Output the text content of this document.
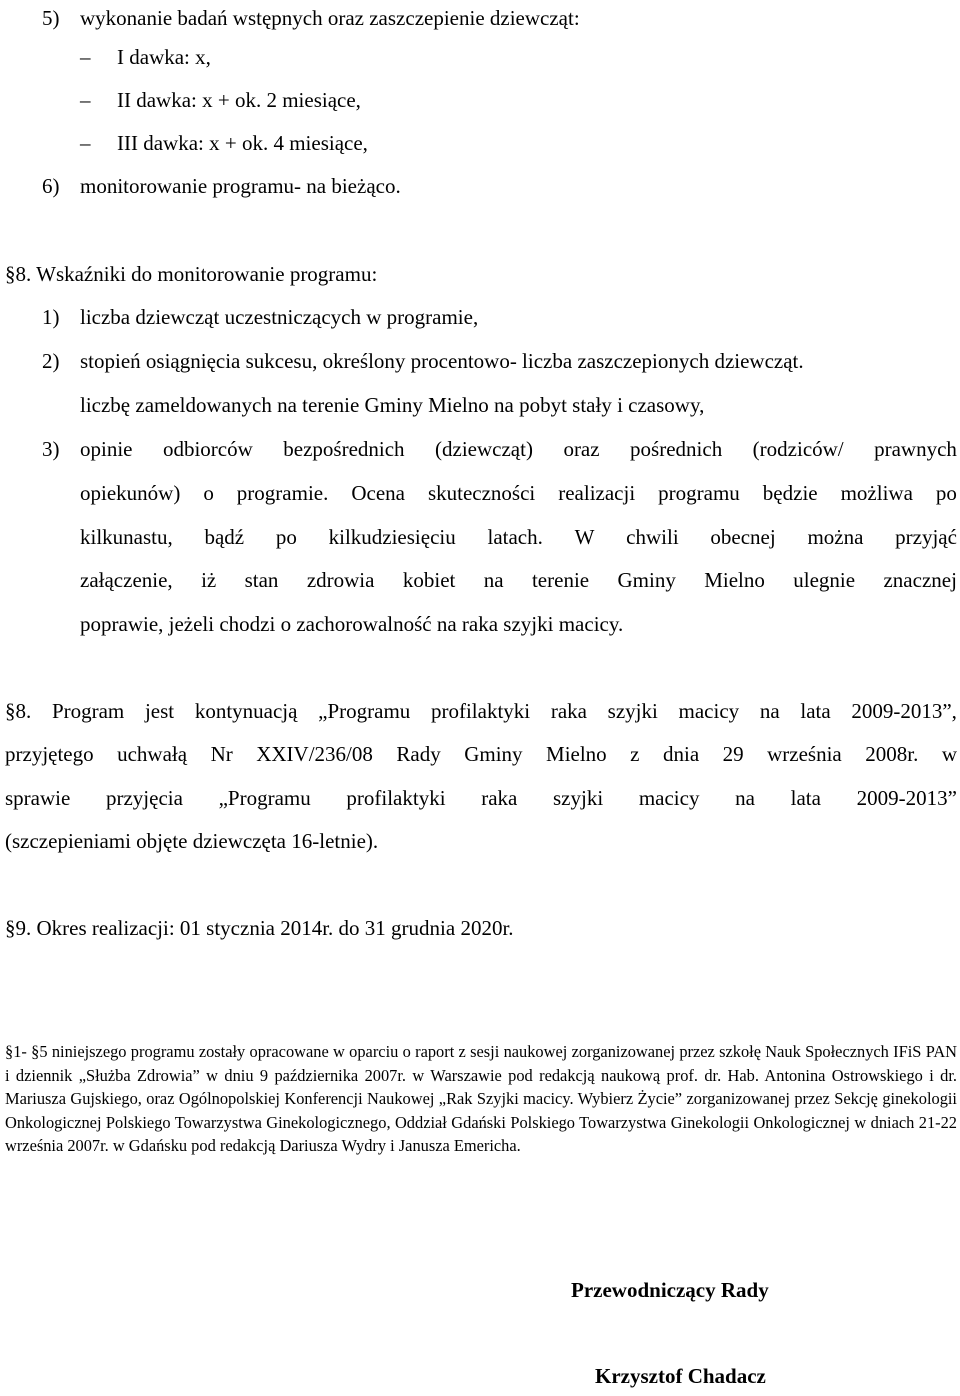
5) wykonanie badań wstępnych oraz zaszczepienie dziewcząt:
– I dawka: x,
– II dawka: x + ok. 2 miesiące,
– III dawka: x + ok. 4 miesiące,
6) monitorowanie programu- na bieżąco.
§8. Wskaźniki do monitorowanie programu:
1) liczba dziewcząt uczestniczących w programie,
2) stopień osiągnięcia sukcesu, określony procentowo- liczba zaszczepionych dziewcząt.
liczbę zameldowanych na terenie Gminy Mielno na pobyt stały i czasowy,
3) opinie odbiorców bezpośrednich (dziewcząt) oraz pośrednich (rodziców/ prawnych
opiekunów) o programie. Ocena skuteczności realizacji programu będzie możliwa po
kilkunastu, bądź po kilkudziesięciu latach. W chwili obecnej można przyjąć
załączenie, iż stan zdrowia kobiet na terenie Gminy Mielno ulegnie znacznej
poprawie, jeżeli chodzi o zachorowalność na raka szyjki macicy.
§8. Program jest kontynuacją „Programu profilaktyki raka szyjki macicy na lata 2009-2013”,
przyjętego uchwałą Nr XXIV/236/08 Rady Gminy Mielno z dnia 29 września 2008r. w
sprawie przyjęcia „Programu profilaktyki raka szyjki macicy na lata 2009-2013”
(szczepieniami objęte dziewczęta 16-letnie).
§9. Okres realizacji: 01 stycznia 2014r. do 31 grudnia 2020r.

§1- §5 niniejszego programu zostały opracowane w oparciu o raport z sesji naukowej zorganizowanej przez szkołę Nauk Społecznych IFiS PAN i dziennik „Służba Zdrowia” w dniu 9 października 2007r. w Warszawie pod redakcją naukową prof. dr. Hab. Antonina Ostrowskiego i dr. Mariusza Gujskiego, oraz Ogólnopolskiej Konferencji Naukowej „Rak Szyjki macicy. Wybierz Życie” zorganizowanej przez Sekcję ginekologii Onkologicznej Polskiego Towarzystwa Ginekologicznego, Oddział Gdański Polskiego Towarzystwa Ginekologii Onkologicznej w dniach 21-22 września 2007r. w Gdańsku pod redakcją Dariusza Wydry i Janusza Emericha.

Przewodniczący Rady
Krzysztof Chadacz
